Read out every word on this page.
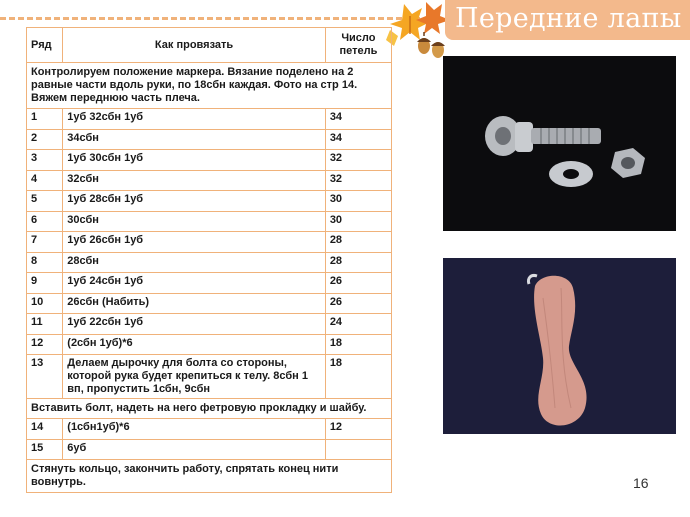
Передние лапы
Ряд	Как провязать	Число петель
Контролируем положение маркера. Вязание поделено на 2 равные части вдоль руки, по 18сбн каждая. Фото на стр 14. Вяжем переднюю часть плеча.		
1	1уб 32сбн 1уб	34
2	34сбн	34
3	1уб 30сбн 1уб	32
4	32сбн	32
5	1уб 28сбн 1уб	30
6	30сбн	30
7	1уб 26сбн 1уб	28
8	28сбн	28
9	1уб 24сбн 1уб	26
10	26сбн (Набить)	26
11	1уб 22сбн 1уб	24
12	(2сбн 1уб)*6	18
13	Делаем дырочку для болта со стороны, которой рука будет крепиться к телу. 8сбн 1 вп, пропустить 1сбн, 9сбн	18
Вставить болт, надеть на него фетровую прокладку и шайбу.		
14	(1сбн1уб)*6	12
15	6уб	
Стянуть кольцо, закончить работу, спрятать конец нити вовнутрь.			16
